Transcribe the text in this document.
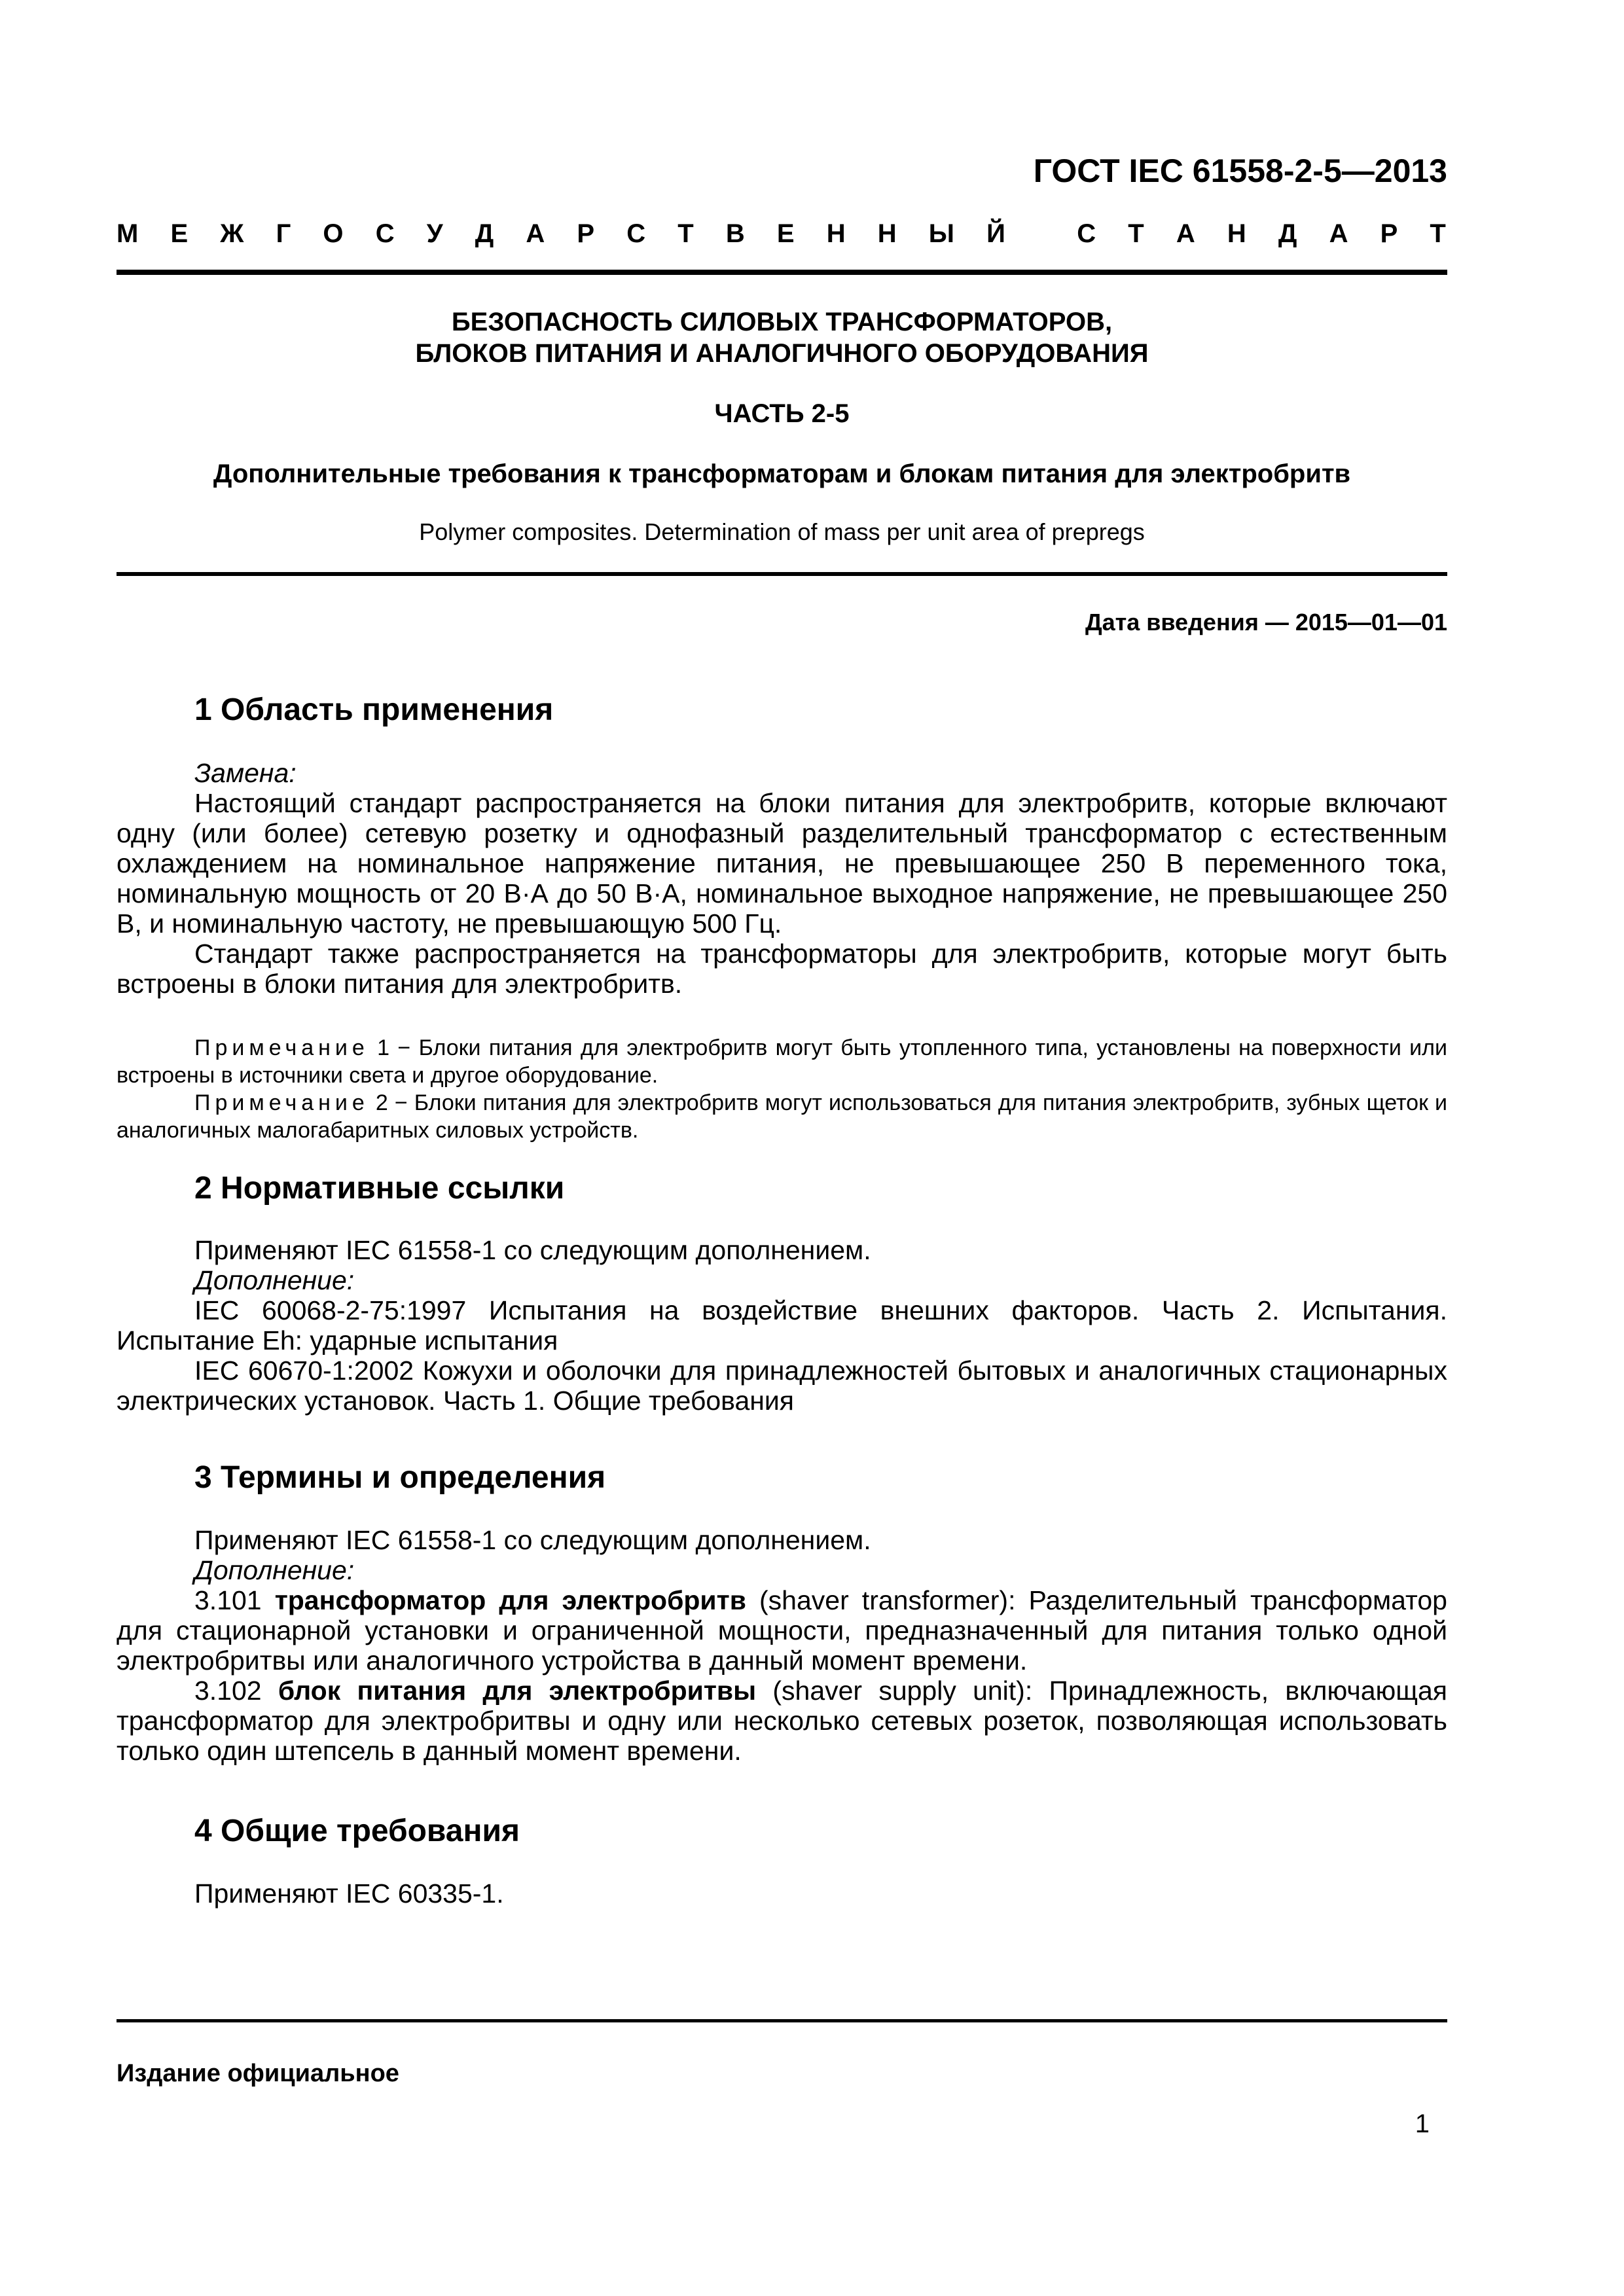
ГОСТ IEC 61558-2-5—2013
М Е Ж Г О С У Д А Р С Т В Е Н Н Ы Й
	С Т А Н Д А Р Т
БЕЗОПАСНОСТЬ СИЛОВЫХ ТРАНСФОРМАТОРОВ,
БЛОКОВ ПИТАНИЯ И АНАЛОГИЧНОГО ОБОРУДОВАНИЯ
ЧАСТЬ 2-5
Дополнительные требования к трансформаторам и блокам питания для электробритв
Polymer composites. Determination of mass per unit area of prepregs
Дата введения — 2015—01—01
1 Область применения

Замена:

Настоящий стандарт распространяется на блоки питания для электробритв, которые включают одну (или более) сетевую розетку и однофазный разделительный трансформатор с естественным охлаждением на номинальное напряжение питания, не превышающее 250 В переменного тока, номинальную мощность от 20 В·А до 50 В·А, номинальное выходное напряжение, не превышающее 250 В, и номинальную частоту, не превышающую 500 Гц.

Стандарт также распространяется на трансформаторы для электробритв, которые могут быть встроены в блоки питания для электробритв.

Примечание 1 − Блоки питания для электробритв могут быть утопленного типа, установлены на поверхности или встроены в источники света и другое оборудование.

Примечание 2 − Блоки питания для электробритв могут использоваться для питания электробритв, зубных щеток и аналогичных малогабаритных силовых устройств.

2 Нормативные ссылки

Применяют IEC 61558-1 со следующим дополнением.

Дополнение:

IEC 60068-2-75:1997 Испытания на воздействие внешних факторов. Часть 2. Испытания. Испытание Eh: ударные испытания

IEC 60670-1:2002 Кожухи и оболочки для принадлежностей бытовых и аналогичных стационарных электрических установок. Часть 1. Общие требования

3 Термины и определения

Применяют IEC 61558-1 со следующим дополнением.

Дополнение:

3.101 трансформатор для электробритв (shaver transformer): Разделительный трансформатор для стационарной установки и ограниченной мощности, предназначенный для питания только одной электробритвы или аналогичного устройства в данный момент времени.

3.102 блок питания для электробритвы (shaver supply unit): Принадлежность, включающая трансформатор для электробритвы и одну или несколько сетевых розеток, позволяющая использовать только один штепсель в данный момент времени.

4 Общие требования

Применяют IEC 60335-1.

Издание официальное
1
